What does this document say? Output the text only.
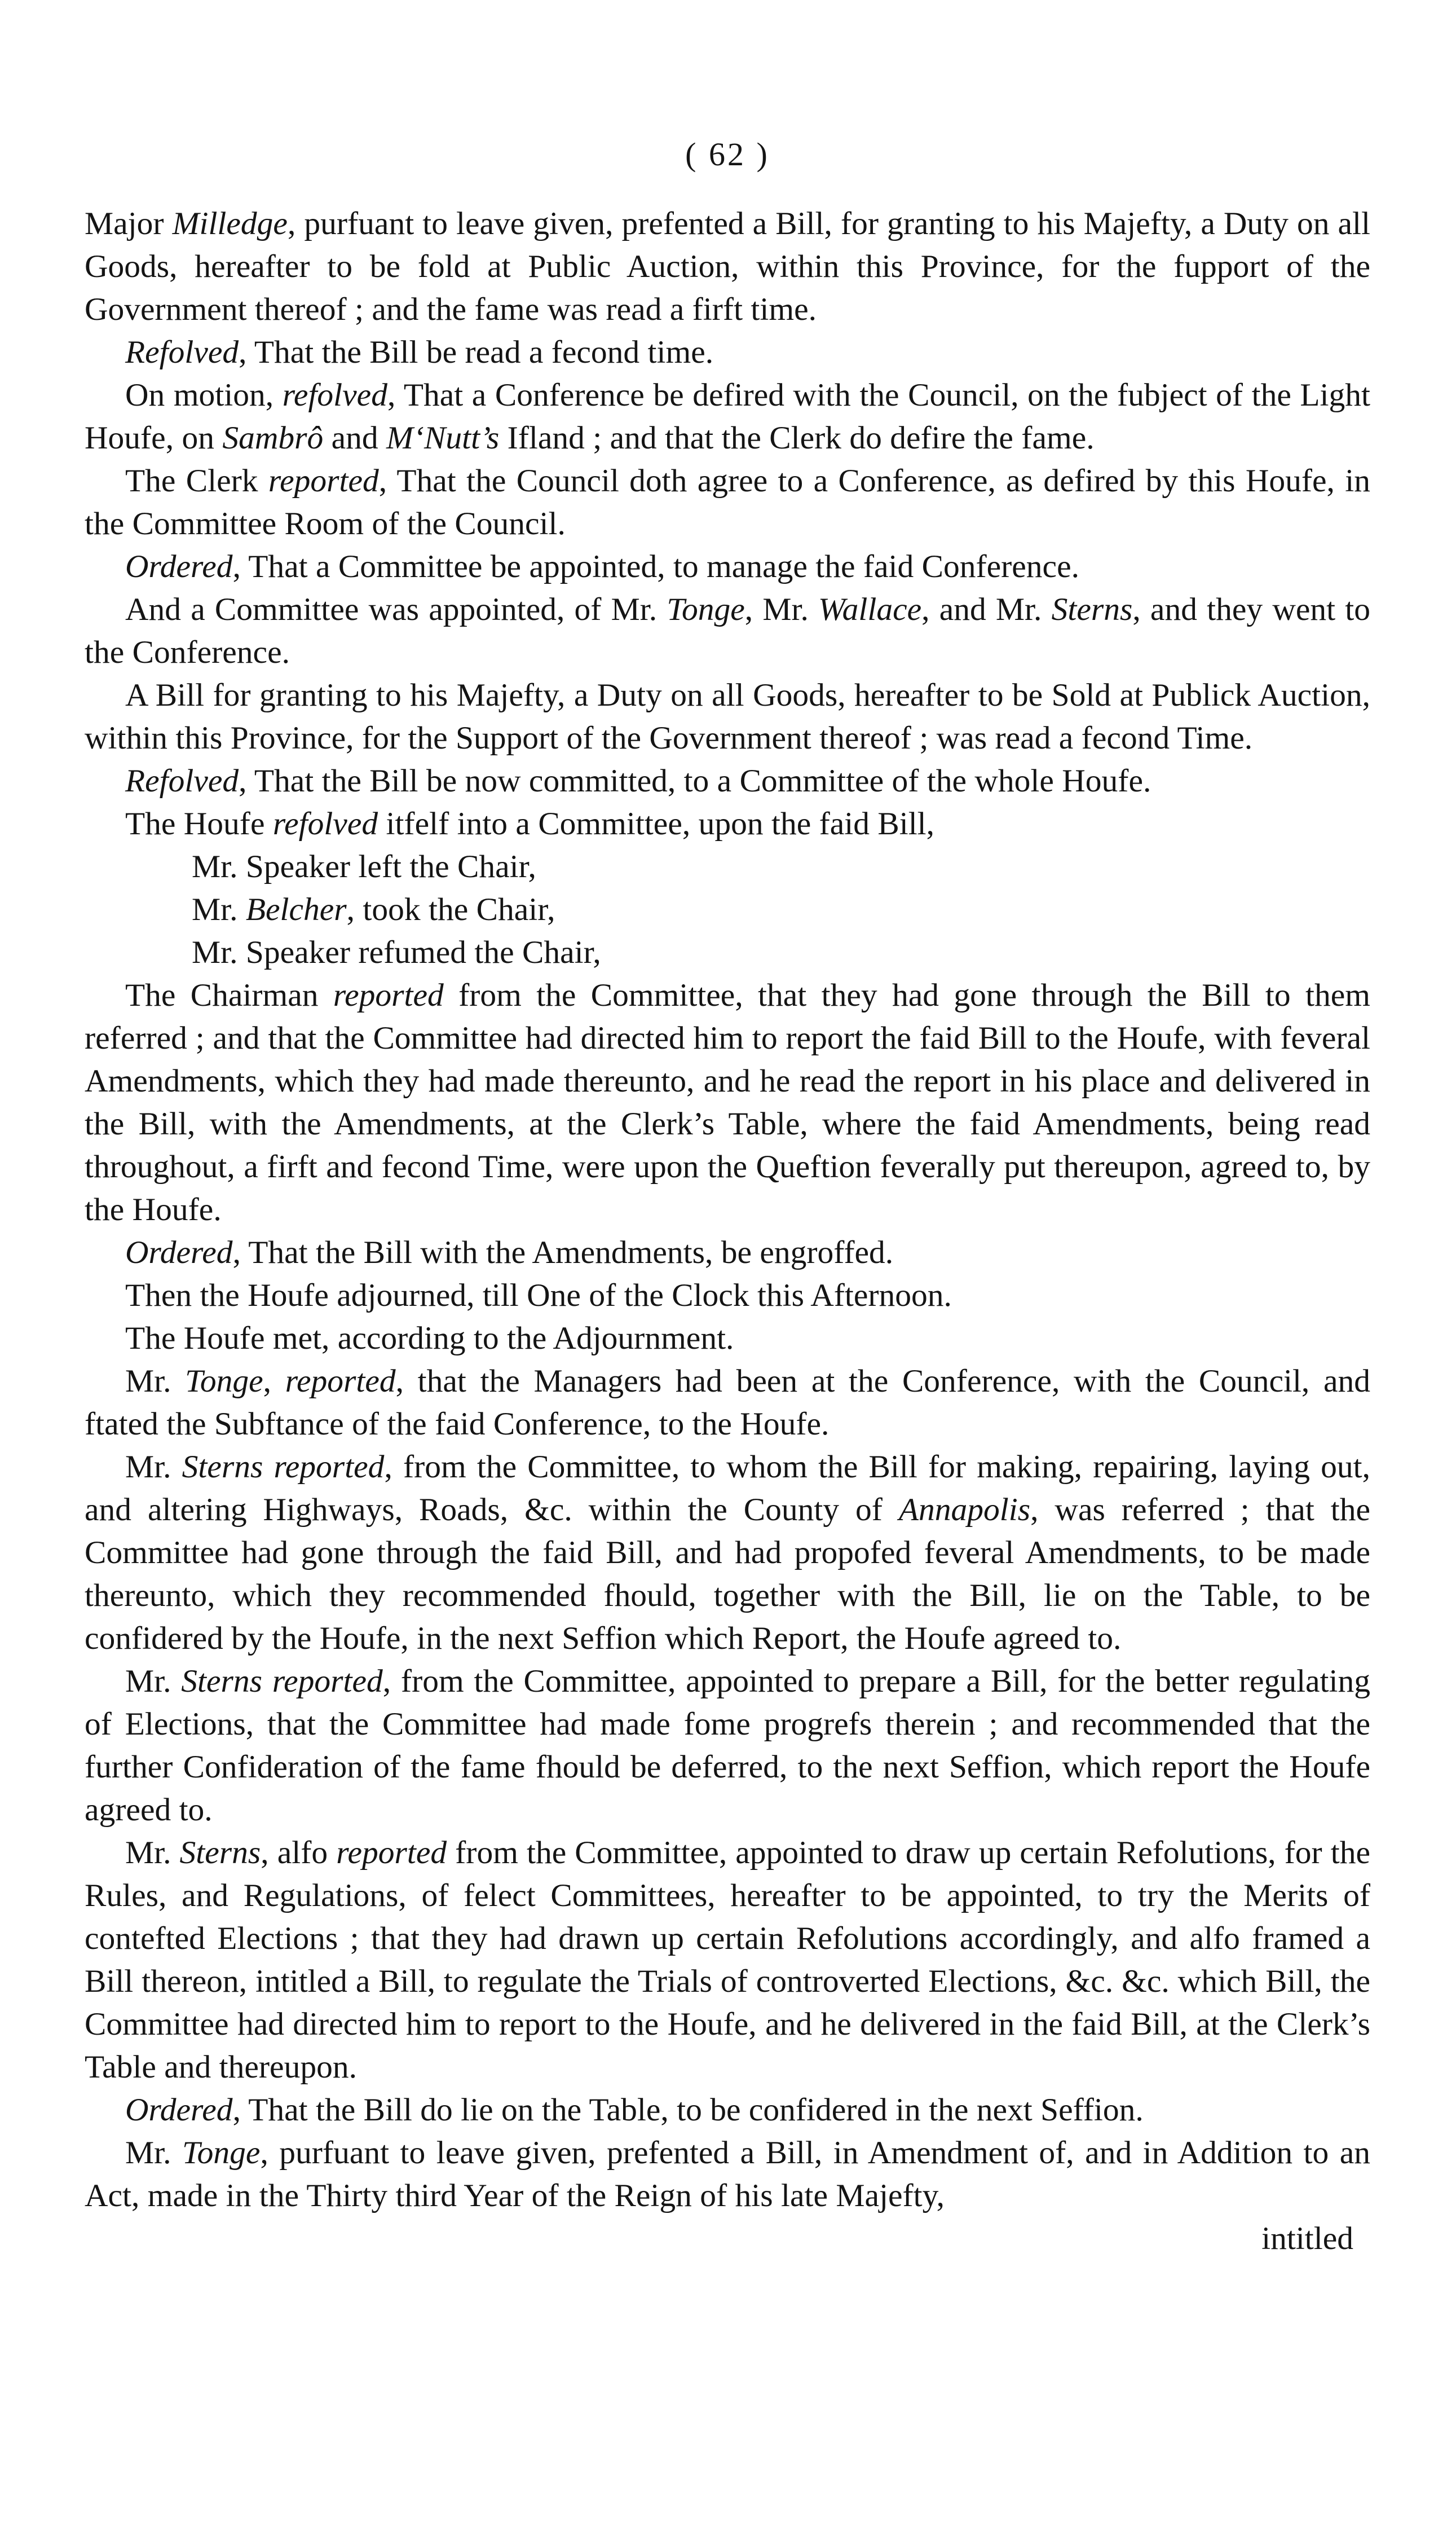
( 62 )

Major Milledge, purfuant to leave given, prefented a Bill, for granting to his Majefty, a Duty on all Goods, hereafter to be fold at Public Auction, within this Province, for the fupport of the Government thereof ; and the fame was read a firft time.

Refolved, That the Bill be read a fecond time.

On motion, refolved, That a Conference be defired with the Council, on the fubject of the Light Houfe, on Sambrô and M‘Nutt’s Ifland ; and that the Clerk do defire the fame.

The Clerk reported, That the Council doth agree to a Conference, as defired by this Houfe, in the Committee Room of the Council.

Ordered, That a Committee be appointed, to manage the faid Conference.

And a Committee was appointed, of Mr. Tonge, Mr. Wallace, and Mr. Sterns, and they went to the Conference.

A Bill for granting to his Majefty, a Duty on all Goods, hereafter to be Sold at Publick Auction, within this Province, for the Support of the Government thereof ; was read a fecond Time.

Refolved, That the Bill be now committed, to a Committee of the whole Houfe.

The Houfe refolved itfelf into a Committee, upon the faid Bill,

Mr. Speaker left the Chair,

Mr. Belcher, took the Chair,

Mr. Speaker refumed the Chair,

The Chairman reported from the Committee, that they had gone through the Bill to them referred ; and that the Committee had directed him to report the faid Bill to the Houfe, with feveral Amendments, which they had made thereunto, and he read the report in his place and delivered in the Bill, with the Amendments, at the Clerk’s Table, where the faid Amendments, being read throughout, a firft and fecond Time, were upon the Queftion feverally put thereupon, agreed to, by the Houfe.

Ordered, That the Bill with the Amendments, be engroffed.

Then the Houfe adjourned, till One of the Clock this Afternoon.

The Houfe met, according to the Adjournment.

Mr. Tonge, reported, that the Managers had been at the Conference, with the Council, and ftated the Subftance of the faid Conference, to the Houfe.

Mr. Sterns reported, from the Committee, to whom the Bill for making, repairing, laying out, and altering Highways, Roads, &c. within the County of Annapolis, was referred ; that the Committee had gone through the faid Bill, and had propofed feveral Amendments, to be made thereunto, which they recommended fhould, together with the Bill, lie on the Table, to be confidered by the Houfe, in the next Seffion which Report, the Houfe agreed to.

Mr. Sterns reported, from the Committee, appointed to prepare a Bill, for the better regulating of Elections, that the Committee had made fome progrefs therein ; and recommended that the further Confideration of the fame fhould be deferred, to the next Seffion, which report the Houfe agreed to.

Mr. Sterns, alfo reported from the Committee, appointed to draw up certain Refolutions, for the Rules, and Regulations, of felect Committees, hereafter to be appointed, to try the Merits of contefted Elections ; that they had drawn up certain Refolutions accordingly, and alfo framed a Bill thereon, intitled a Bill, to regulate the Trials of controverted Elections, &c. &c. which Bill, the Committee had directed him to report to the Houfe, and he delivered in the faid Bill, at the Clerk’s Table and thereupon.

Ordered, That the Bill do lie on the Table, to be confidered in the next Seffion.

Mr. Tonge, purfuant to leave given, prefented a Bill, in Amendment of, and in Addition to an Act, made in the Thirty third Year of the Reign of his late Majefty,

intitled
